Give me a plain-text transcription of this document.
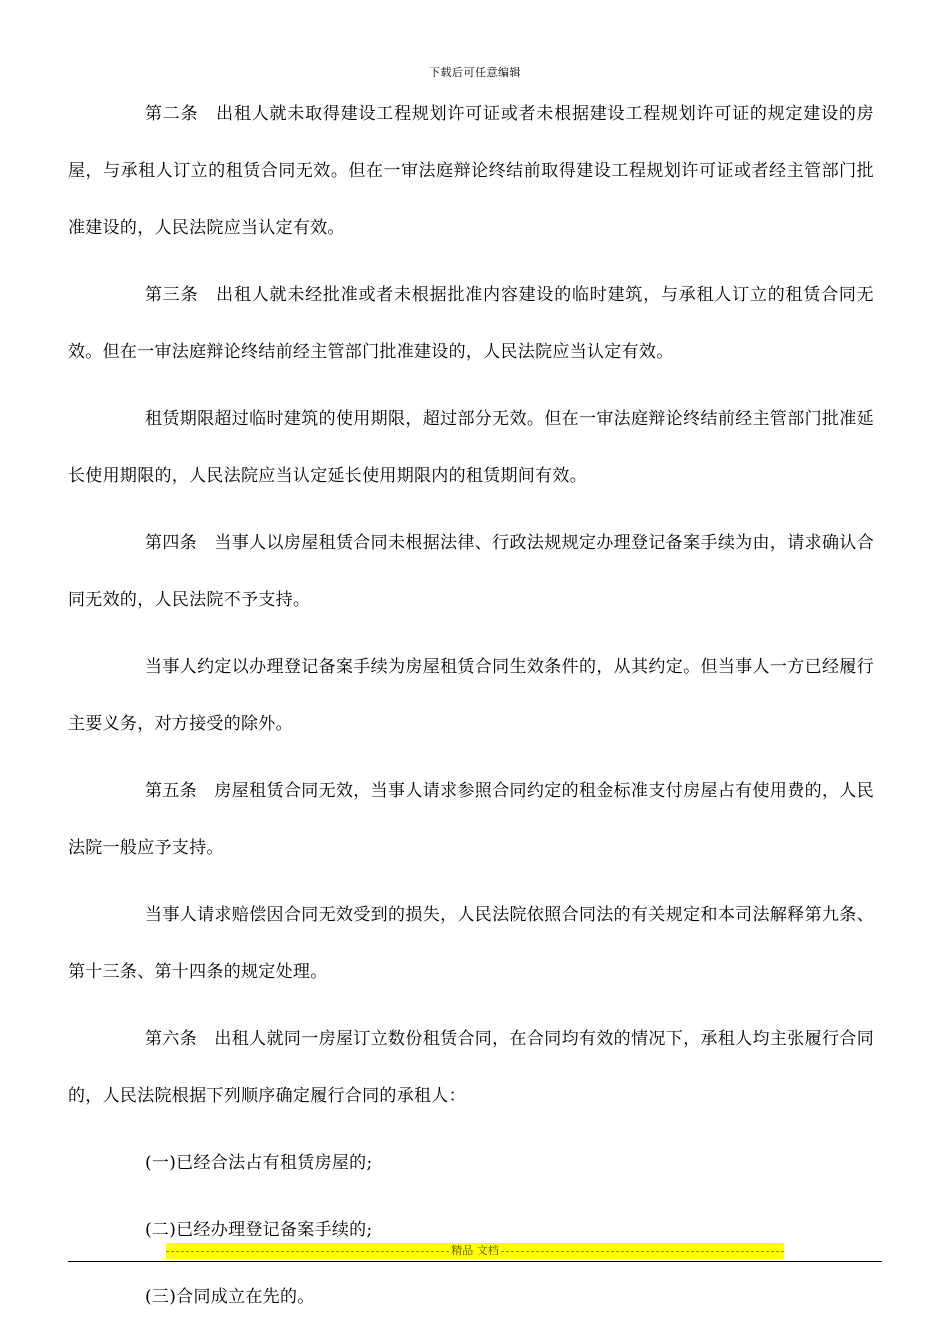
下载后可任意编辑

第二条　出租人就未取得建设工程规划许可证或者未根据建设工程规划许可证的规定建设的房屋，与承租人订立的租赁合同无效。但在一审法庭辩论终结前取得建设工程规划许可证或者经主管部门批准建设的，人民法院应当认定有效。

第三条　出租人就未经批准或者未根据批准内容建设的临时建筑，与承租人订立的租赁合同无效。但在一审法庭辩论终结前经主管部门批准建设的，人民法院应当认定有效。

租赁期限超过临时建筑的使用期限，超过部分无效。但在一审法庭辩论终结前经主管部门批准延长使用期限的，人民法院应当认定延长使用期限内的租赁期间有效。

第四条　当事人以房屋租赁合同未根据法律、行政法规规定办理登记备案手续为由，请求确认合同无效的，人民法院不予支持。

当事人约定以办理登记备案手续为房屋租赁合同生效条件的，从其约定。但当事人一方已经履行主要义务，对方接受的除外。

第五条　房屋租赁合同无效，当事人请求参照合同约定的租金标准支付房屋占有使用费的，人民法院一般应予支持。

当事人请求赔偿因合同无效受到的损失，人民法院依照合同法的有关规定和本司法解释第九条、第十三条、第十四条的规定处理。

第六条　出租人就同一房屋订立数份租赁合同，在合同均有效的情况下，承租人均主张履行合同的，人民法院根据下列顺序确定履行合同的承租人：

(一)已经合法占有租赁房屋的;

(二)已经办理登记备案手续的;

(三)合同成立在先的。

精品 文档
